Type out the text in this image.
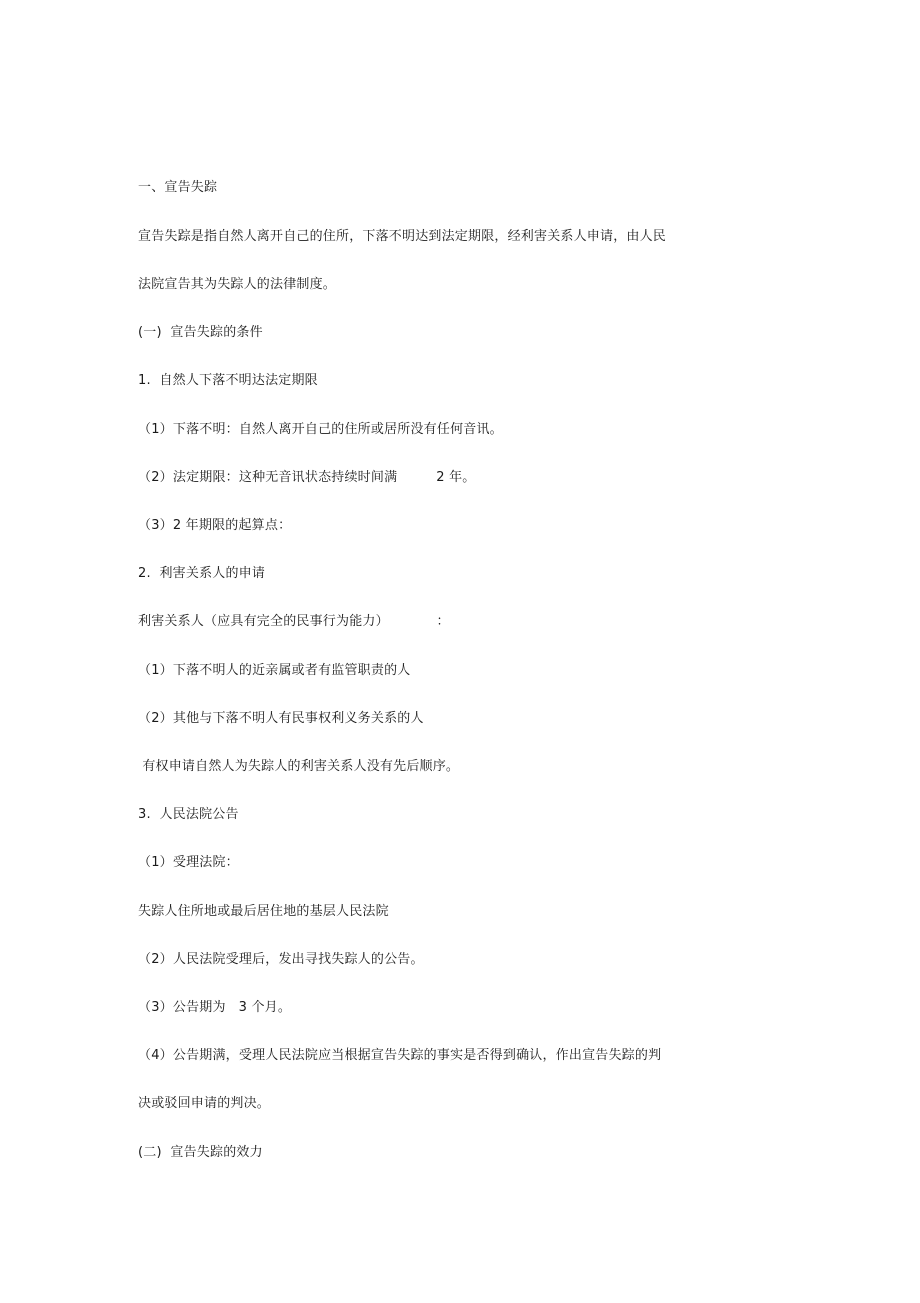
一、宣告失踪
宣告失踪是指自然人离开自己的住所，下落不明达到法定期限，经利害关系人申请，由人民
法院宣告其为失踪人的法律制度。
(一)  宣告失踪的条件
1.  自然人下落不明达法定期限
（1）下落不明：自然人离开自己的住所或居所没有任何音讯。
（2）法定期限：这种无音讯状态持续时间满         2 年。
（3）2 年期限的起算点：
2.  利害关系人的申请
利害关系人（应具有完全的民事行为能力）           ：
（1）下落不明人的近亲属或者有监管职责的人
（2）其他与下落不明人有民事权利义务关系的人
有权申请自然人为失踪人的利害关系人没有先后顺序。
3.  人民法院公告
（1）受理法院：
失踪人住所地或最后居住地的基层人民法院
（2）人民法院受理后，发出寻找失踪人的公告。
（3）公告期为   3 个月。
（4）公告期满，受理人民法院应当根据宣告失踪的事实是否得到确认，作出宣告失踪的判
决或驳回申请的判决。
(二)  宣告失踪的效力
